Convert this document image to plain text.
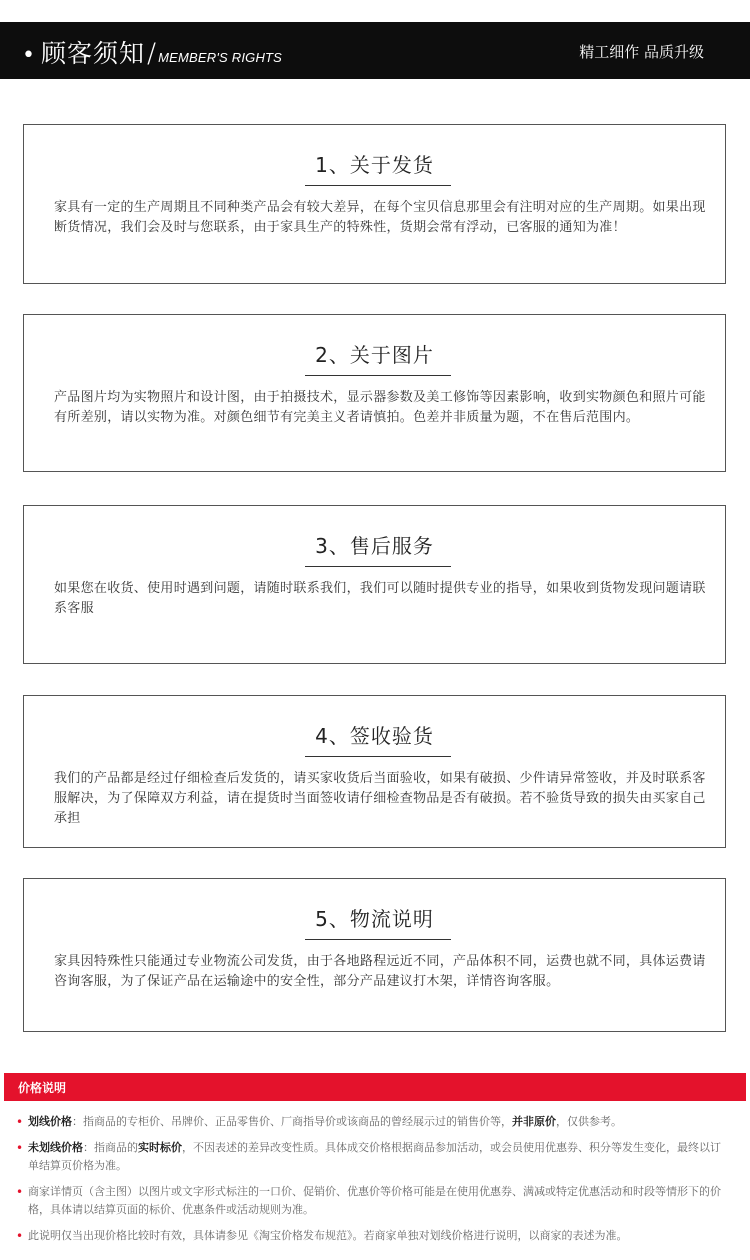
• 顾客须知 / MEMBER'S RIGHTS	精工细作 品质升级
1、关于发货
家具有一定的生产周期且不同种类产品会有较大差异，在每个宝贝信息那里会有注明对应的生产周期。如果出现断货情况，我们会及时与您联系，由于家具生产的特殊性，货期会常有浮动，已客服的通知为准！
2、关于图片
产品图片均为实物照片和设计图，由于拍摄技术，显示器参数及美工修饰等因素影响，收到实物颜色和照片可能有所差别，请以实物为准。对颜色细节有完美主义者请慎拍。色差并非质量为题，不在售后范围内。
3、售后服务
如果您在收货、使用时遇到问题，请随时联系我们，我们可以随时提供专业的指导，如果收到货物发现问题请联系客服
4、签收验货
我们的产品都是经过仔细检查后发货的，请买家收货后当面验收，如果有破损、少件请异常签收，并及时联系客服解决，为了保障双方利益，请在提货时当面签收请仔细检查物品是否有破损。若不验货导致的损失由买家自己承担
5、物流说明
家具因特殊性只能通过专业物流公司发货，由于各地路程远近不同，产品体积不同，运费也就不同，具体运费请咨询客服，为了保证产品在运输途中的安全性，部分产品建议打木架，详情咨询客服。
价格说明
• 划线价格：指商品的专柜价、吊牌价、正品零售价、厂商指导价或该商品的曾经展示过的销售价等，并非原价，仅供参考。
• 未划线价格：指商品的实时标价，不因表述的差异改变性质。具体成交价格根据商品参加活动，或会员使用优惠券、积分等发生变化，最终以订单结算页价格为准。
• 商家详情页（含主图）以图片或文字形式标注的一口价、促销价、优惠价等价格可能是在使用优惠券、满减或特定优惠活动和时段等情形下的价格，具体请以结算页面的标价、优惠条件或活动规则为准。
• 此说明仅当出现价格比较时有效，具体请参见《淘宝价格发布规范》。若商家单独对划线价格进行说明，以商家的表述为准。
